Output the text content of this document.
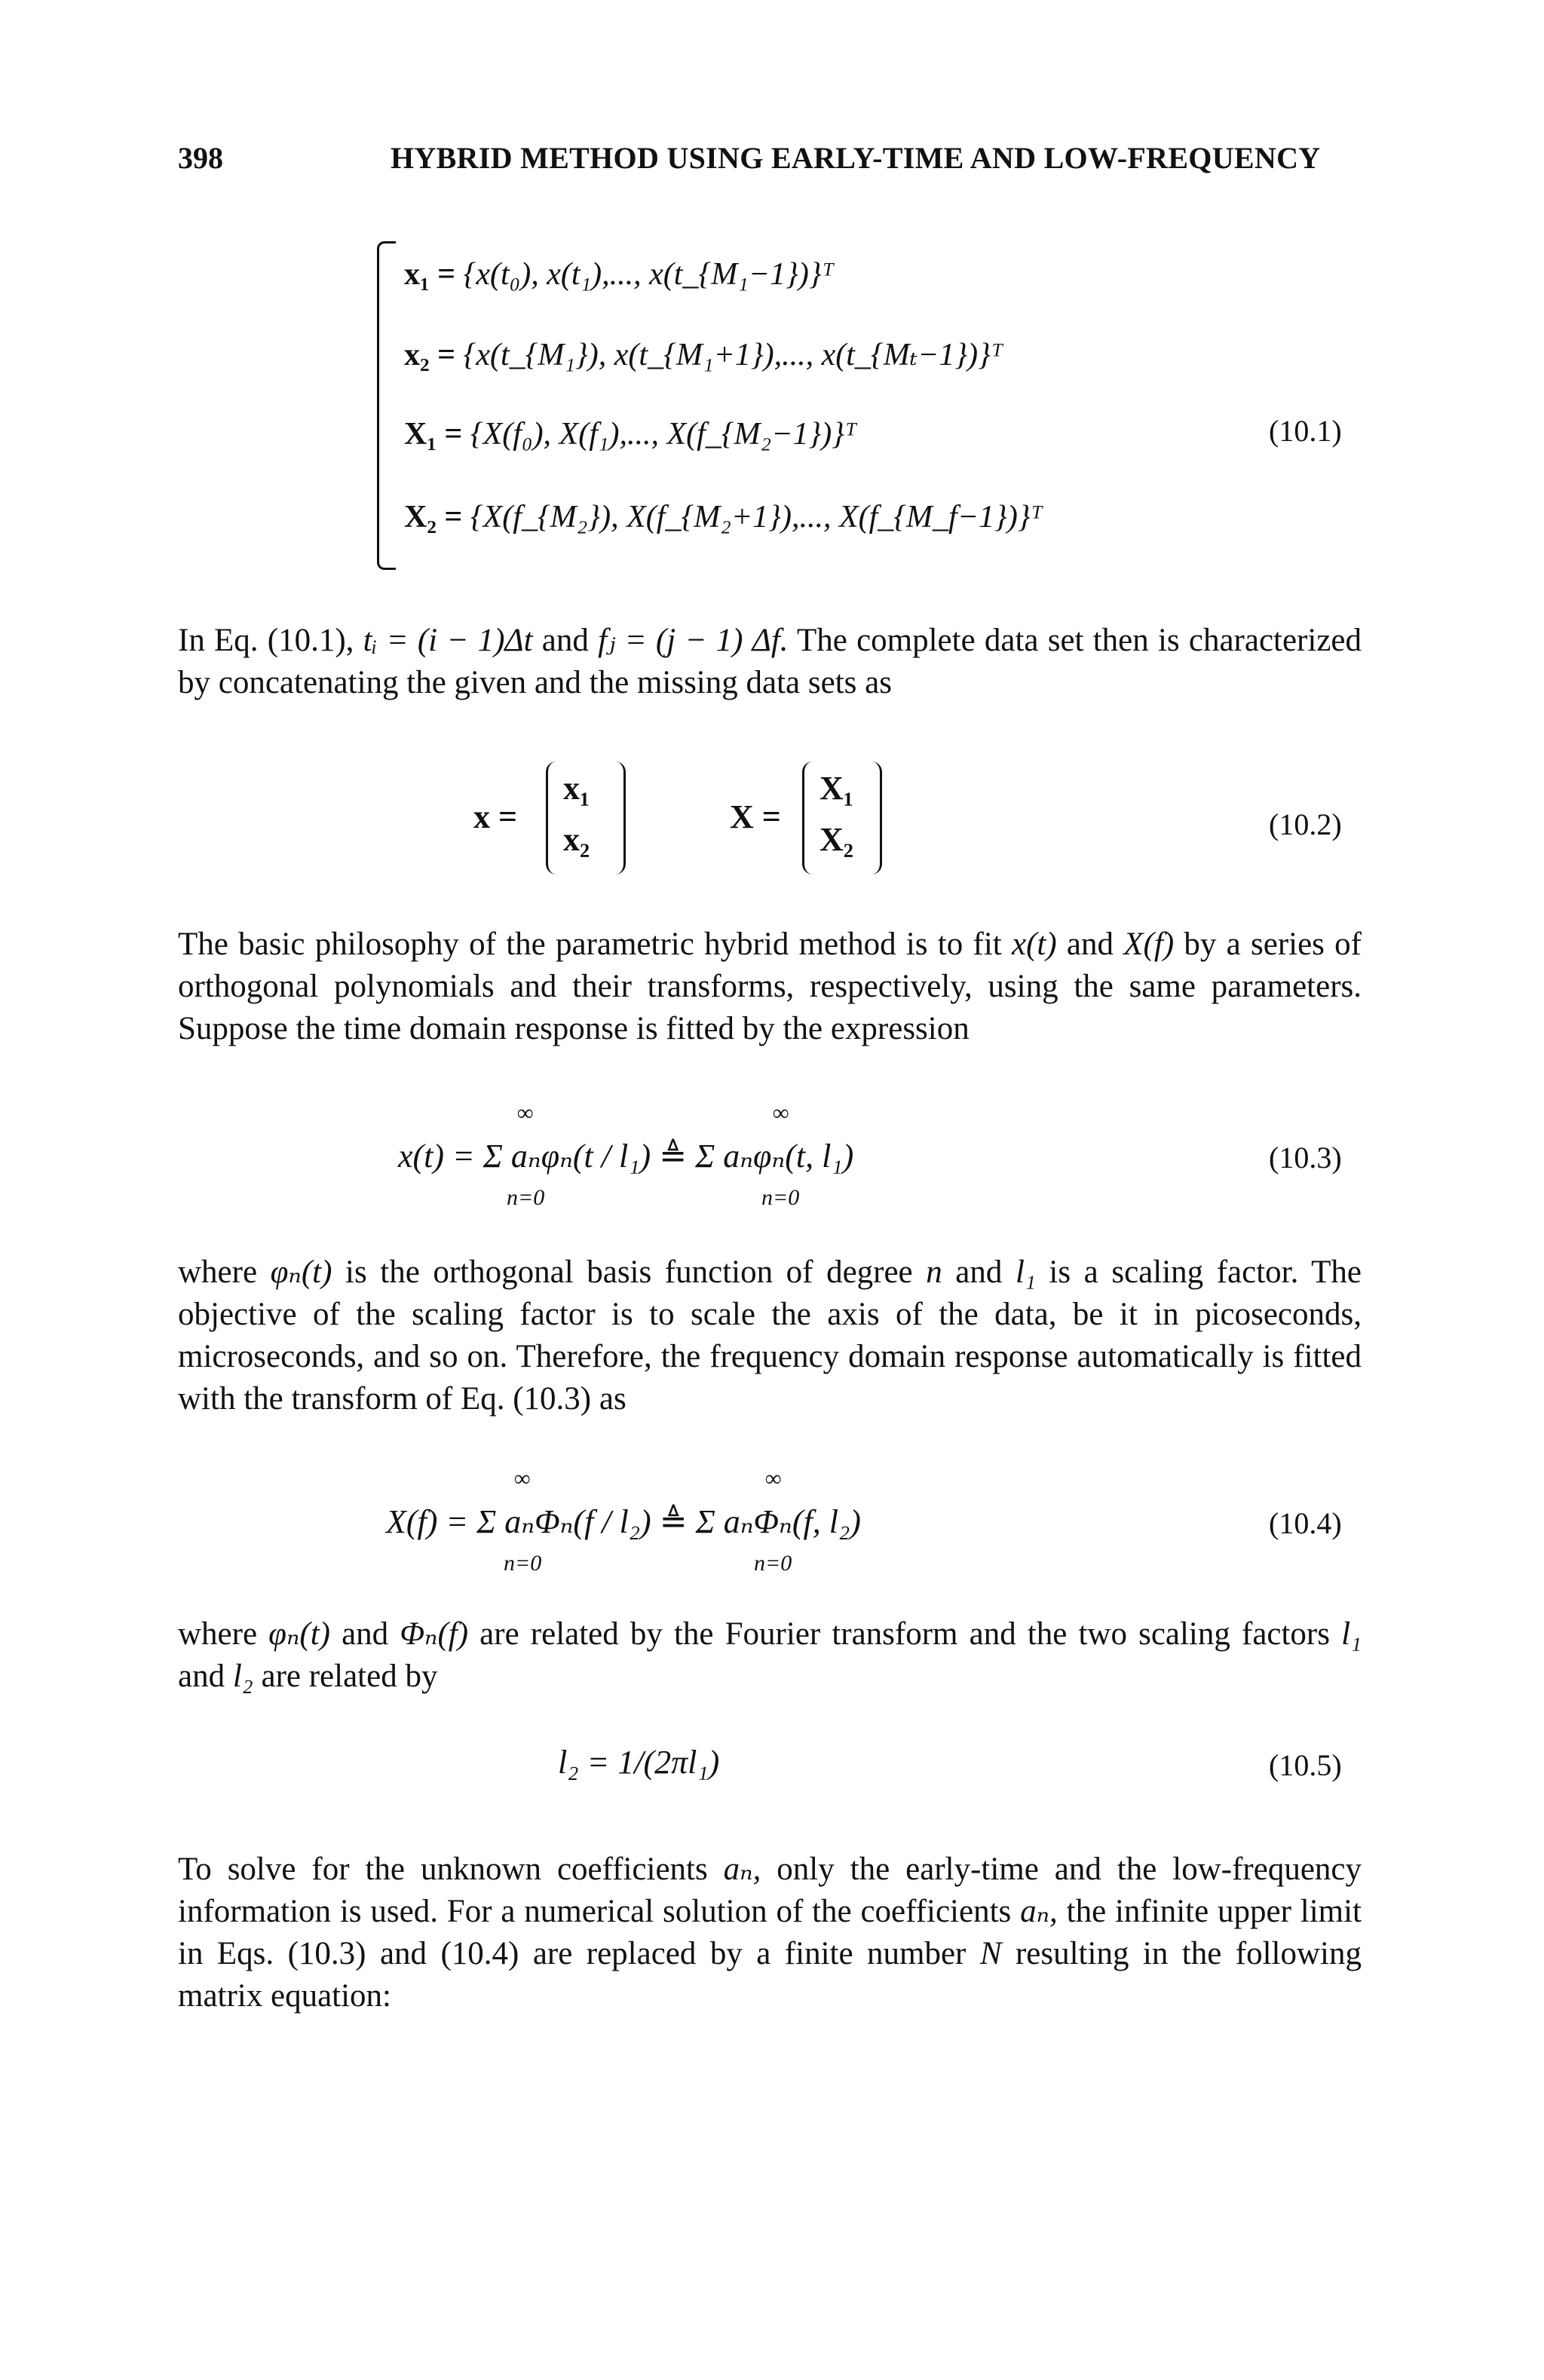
398	HYBRID METHOD USING EARLY-TIME AND LOW-FREQUENCY
x₁ = {x(t₀), x(t₁),..., x(t_{M₁−1})}ᵀ
x₂ = {x(t_{M₁}), x(t_{M₁+1}),..., x(t_{Mₜ−1})}ᵀ
X₁ = {X(f₀), X(f₁),..., X(f_{M₂−1})}ᵀ
X₂ = {X(f_{M₂}), X(f_{M₂+1}),..., X(f_{M_f−1})}ᵀ
(10.1)
In Eq. (10.1), tᵢ = (i − 1)Δt and fⱼ = (j − 1) Δf. The complete data set then is characterized by concatenating the given and the missing data sets as
x =
x₁
x₂
X =
X₁
X₂	(10.2)
The basic philosophy of the parametric hybrid method is to fit x(t) and X(f) by a series of orthogonal polynomials and their transforms, respectively, using the same parameters. Suppose the time domain response is fitted by the expression
∞
n=0
∞
n=0
x(t) = Σ aₙφₙ(t / l₁) ≜ Σ aₙφₙ(t, l₁)	(10.3)
where φₙ(t) is the orthogonal basis function of degree n and l₁ is a scaling factor. The objective of the scaling factor is to scale the axis of the data, be it in picoseconds, microseconds, and so on. Therefore, the frequency domain response automatically is fitted with the transform of Eq. (10.3) as
∞
n=0
∞
n=0
X(f) = Σ aₙΦₙ(f / l₂) ≜ Σ aₙΦₙ(f, l₂)	(10.4)
where φₙ(t) and Φₙ(f) are related by the Fourier transform and the two scaling factors l₁ and l₂ are related by
l₂ = 1/(2πl₁)	(10.5)
To solve for the unknown coefficients aₙ, only the early-time and the low-frequency information is used. For a numerical solution of the coefficients aₙ, the infinite upper limit in Eqs. (10.3) and (10.4) are replaced by a finite number N resulting in the following matrix equation:
